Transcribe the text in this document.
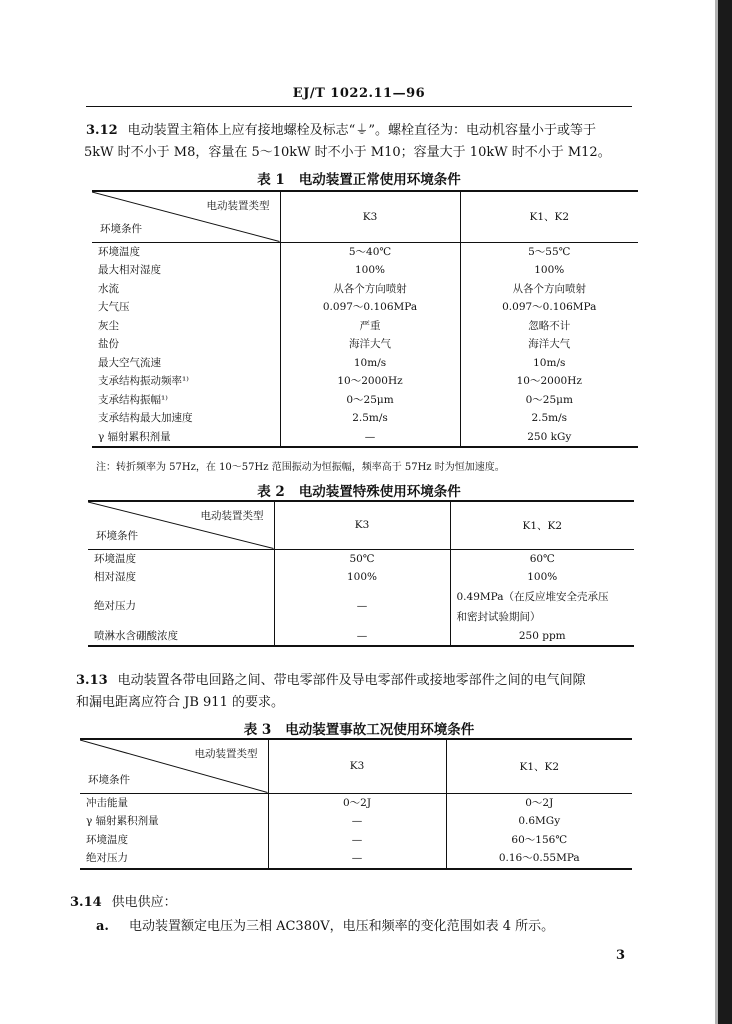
EJ/T 1022.11—96
3.12 电动装置主箱体上应有接地螺栓及标志“⏚”。螺栓直径为：电动机容量小于或等于
5kW 时不小于 M8，容量在 5～10kW 时不小于 M10；容量大于 10kW 时不小于 M12。
表 1 电动装置正常使用环境条件
电动装置类型
环境条件	K3	K1、K2
环境温度	5～40℃	5～55℃
最大相对湿度	100%	100%
水流	从各个方向喷射	从各个方向喷射
大气压	0.097～0.106MPa	0.097～0.106MPa
灰尘	严重	忽略不计
盐份	海洋大气	海洋大气
最大空气流速	10m/s	10m/s
支承结构振动频率¹⁾	10～2000Hz	10～2000Hz
支承结构振幅¹⁾	0～25μm	0～25μm
支承结构最大加速度	2.5m/s	2.5m/s
γ 辐射累积剂量	—	250 kGy
注：转折频率为 57Hz，在 10～57Hz 范围振动为恒振幅，频率高于 57Hz 时为恒加速度。
表 2 电动装置特殊使用环境条件
电动装置类型
环境条件	K3	K1、K2
环境温度	50℃	60℃
相对湿度	100%	100%
绝对压力	—	0.49MPa（在反应堆安全壳承压
和密封试验期间）

喷淋水含硼酸浓度	—	250 ppm
3.13 电动装置各带电回路之间、带电零部件及导电零部件或接地零部件之间的电气间隙
和漏电距离应符合 JB 911 的要求。
表 3 电动装置事故工况使用环境条件
电动装置类型
环境条件	K3	K1、K2
冲击能量	0～2J	0～2J
γ 辐射累积剂量	—	0.6MGy
环境温度	—	60～156℃
绝对压力	—	0.16～0.55MPa
3.14 供电供应：
a. 电动装置额定电压为三相 AC380V，电压和频率的变化范围如表 4 所示。
3
